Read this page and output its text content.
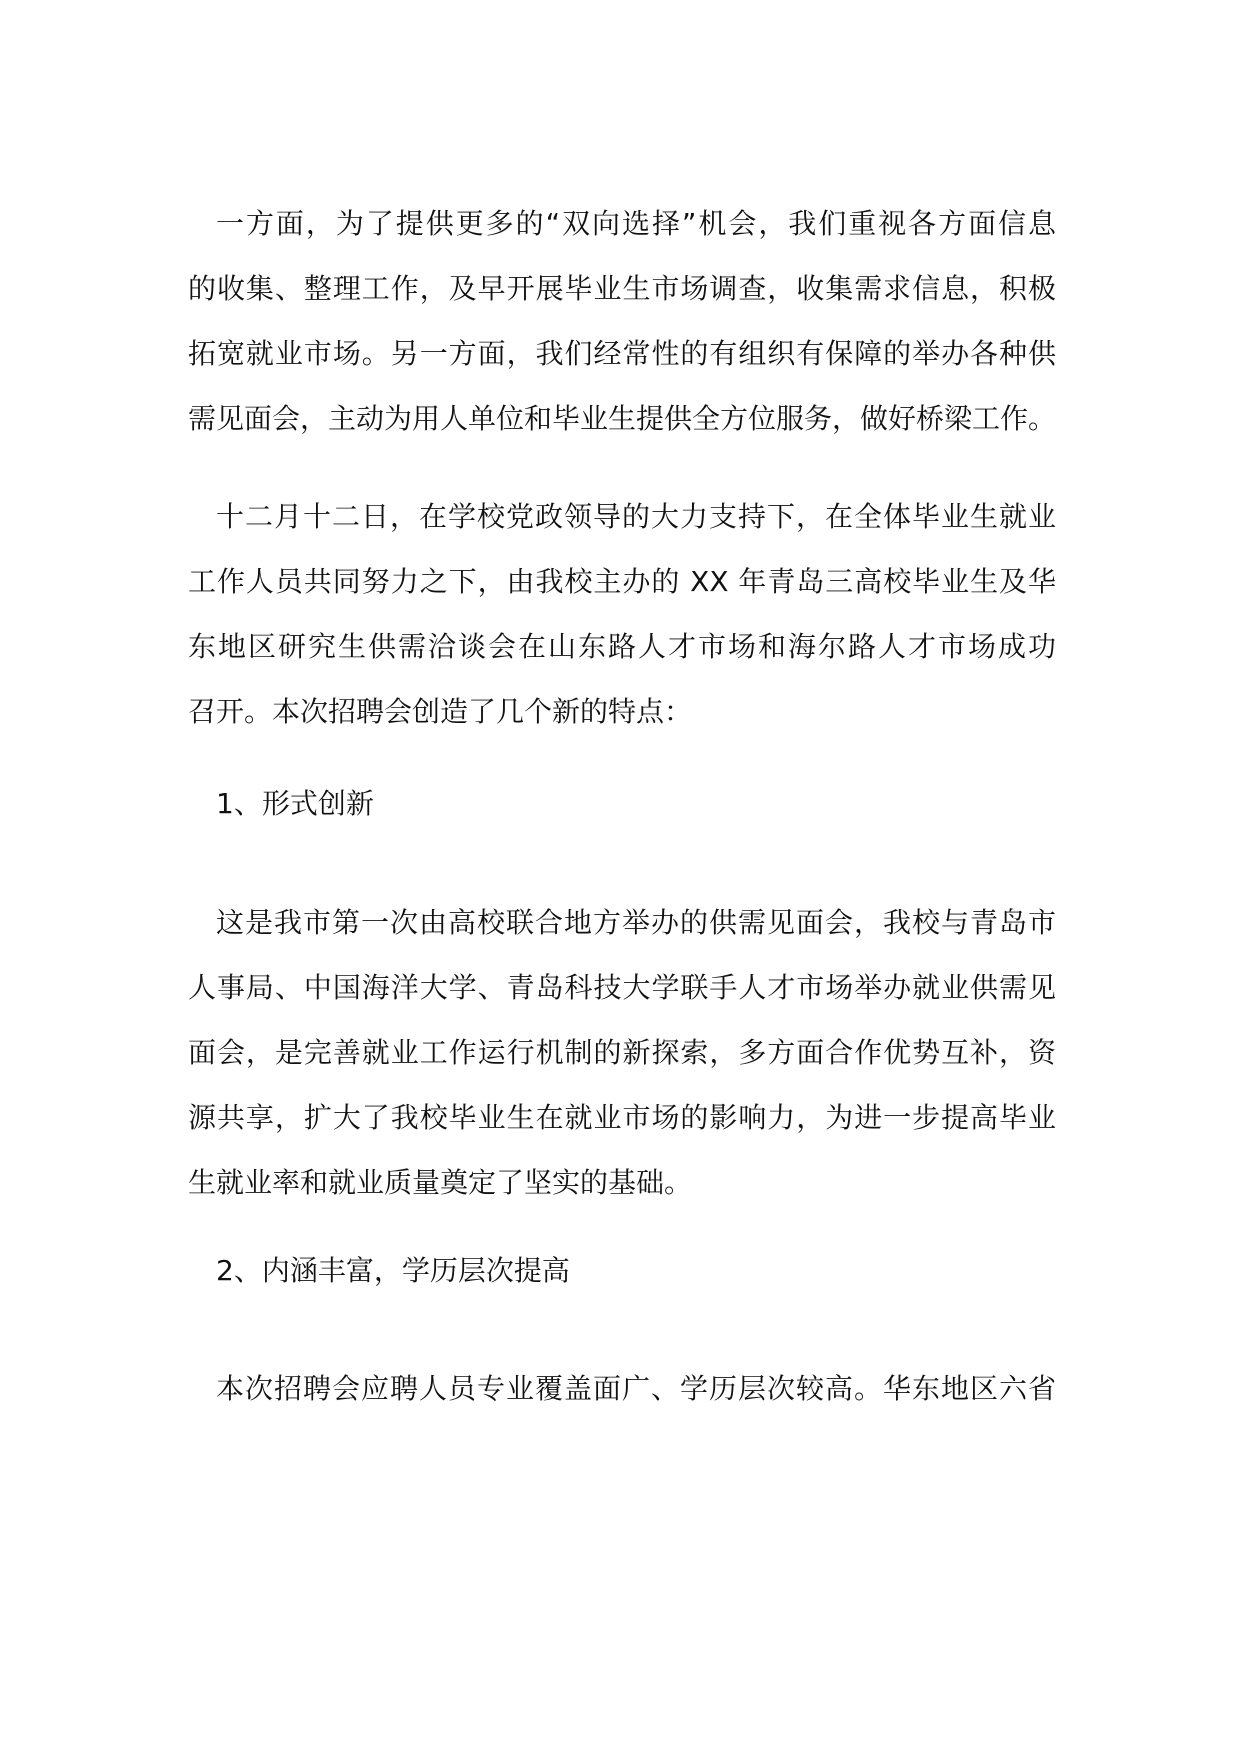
一方面，为了提供更多的“双向选择”机会，我们重视各方面信息
的收集、整理工作，及早开展毕业生市场调查，收集需求信息，积极
拓宽就业市场。另一方面，我们经常性的有组织有保障的举办各种供
需见面会，主动为用人单位和毕业生提供全方位服务，做好桥梁工作。
十二月十二日，在学校党政领导的大力支持下，在全体毕业生就业
工作人员共同努力之下，由我校主办的 XX 年青岛三高校毕业生及华
东地区研究生供需洽谈会在山东路人才市场和海尔路人才市场成功
召开。本次招聘会创造了几个新的特点：
1、形式创新
这是我市第一次由高校联合地方举办的供需见面会，我校与青岛市
人事局、中国海洋大学、青岛科技大学联手人才市场举办就业供需见
面会，是完善就业工作运行机制的新探索，多方面合作优势互补，资
源共享，扩大了我校毕业生在就业市场的影响力，为进一步提高毕业
生就业率和就业质量奠定了坚实的基础。
2、内涵丰富，学历层次提高
本次招聘会应聘人员专业覆盖面广、学历层次较高。华东地区六省
